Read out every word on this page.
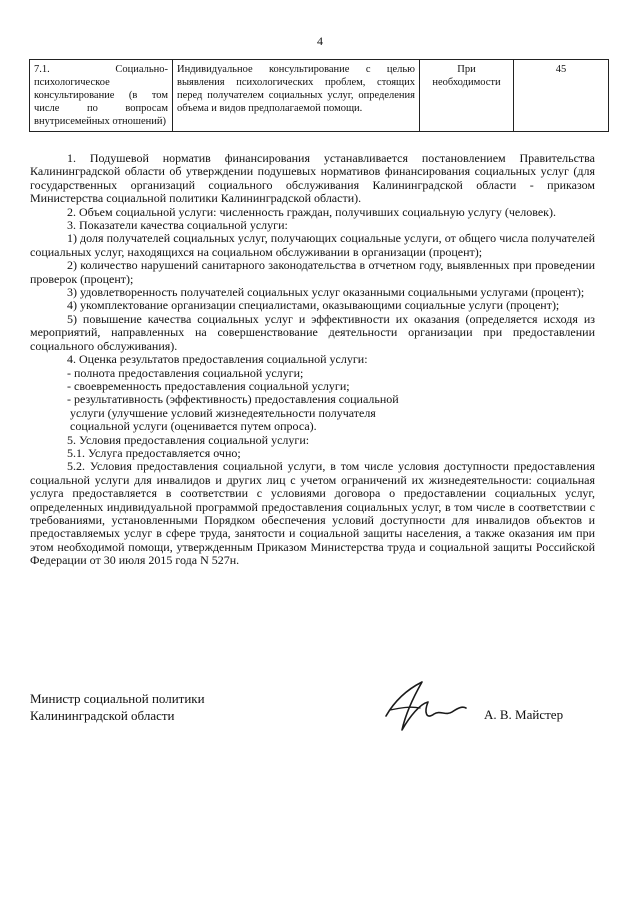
4
7.1. Социально-психологическое консультирование (в том числе по вопросам внутрисемейных отношений)	Индивидуальное консультирование с целью выявления психологических проблем, стоящих перед получателем социальных услуг, определения объема и видов предполагаемой помощи.	При необходимости	45

1. Подушевой норматив финансирования устанавливается постановлением Правительства Калининградской области об утверждении подушевых нормативов финансирования социальных услуг (для государственных организаций социального обслуживания Калининградской области - приказом Министерства социальной политики Калининградской области).

2. Объем социальной услуги: численность граждан, получивших социальную услугу (человек).

3. Показатели качества социальной услуги:

1) доля получателей социальных услуг, получающих социальные услуги, от общего числа получателей социальных услуг, находящихся на социальном обслуживании в организации (процент);

2) количество нарушений санитарного законодательства в отчетном году, выявленных при проведении проверок (процент);

3) удовлетворенность получателей социальных услуг оказанными социальными услугами (процент);

4) укомплектование организации специалистами, оказывающими социальные услуги (процент);

5) повышение качества социальных услуг и эффективности их оказания (определяется исходя из мероприятий, направленных на совершенствование деятельности организации при предоставлении социального обслуживания).

4. Оценка результатов предоставления социальной услуги:

- полнота предоставления социальной услуги;

- своевременность предоставления социальной услуги;

- результативность (эффективность) предоставления социальной

услуги (улучшение условий жизнедеятельности получателя

социальной услуги (оценивается путем опроса).

5. Условия предоставления социальной услуги:

5.1. Услуга предоставляется очно;

5.2. Условия предоставления социальной услуги, в том числе условия доступности предоставления социальной услуги для инвалидов и других лиц с учетом ограничений их жизнедеятельности: социальная услуга предоставляется в соответствии с условиями договора о предоставлении социальных услуг, определенных индивидуальной программой предоставления социальных услуг, в том числе в соответствии с требованиями, установленными Порядком обеспечения условий доступности для инвалидов объектов и предоставляемых услуг в сфере труда, занятости и социальной защиты населения, а также оказания им при этом необходимой помощи, утвержденным Приказом Министерства труда и социальной защиты Российской Федерации от 30 июля 2015 года N 527н.

Министр социальной политики
Калининградской области	А. В. Майстер
